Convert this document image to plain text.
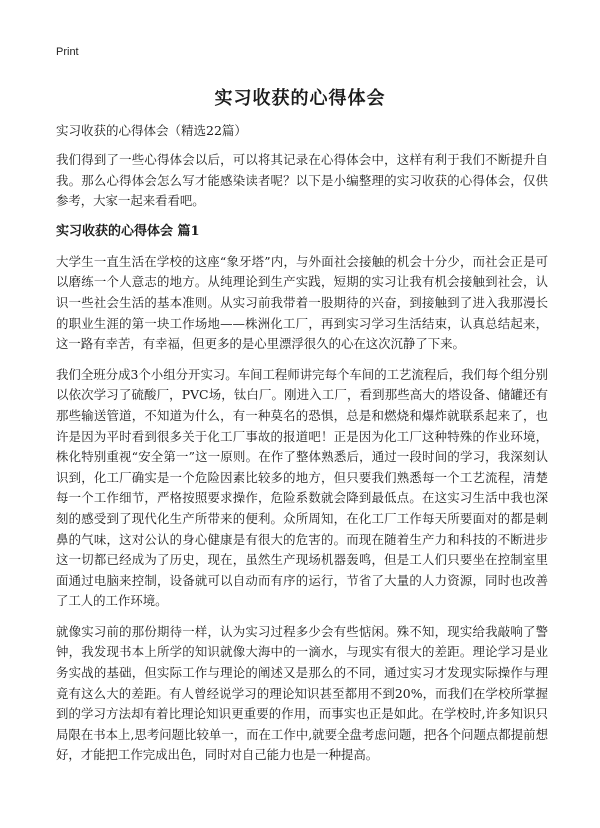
Print
实习收获的心得体会
实习收获的心得体会（精选22篇）

我们得到了一些心得体会以后，可以将其记录在心得体会中，这样有利于我们不断提升自我。那么心得体会怎么写才能感染读者呢？以下是小编整理的实习收获的心得体会，仅供参考，大家一起来看看吧。

实习收获的心得体会 篇1

大学生一直生活在学校的这座“象牙塔”内，与外面社会接触的机会十分少，而社会正是可以磨练一个人意志的地方。从纯理论到生产实践，短期的实习让我有机会接触到社会，认识一些社会生活的基本准则。从实习前我带着一股期待的兴奋，到接触到了进入我那漫长的职业生涯的第一块工作场地——株洲化工厂，再到实习学习生活结束，认真总结起来，这一路有幸苦，有幸福，但更多的是心里漂浮很久的心在这次沉静了下来。

我们全班分成3个小组分开实习。车间工程师讲完每个车间的工艺流程后，我们每个组分别以依次学习了硫酸厂，PVC场，钛白厂。刚进入工厂，看到那些高大的塔设备、储罐还有那些输送管道，不知道为什么，有一种莫名的恐惧，总是和燃烧和爆炸就联系起来了，也许是因为平时看到很多关于化工厂事故的报道吧！正是因为化工厂这种特殊的作业环境，株化特别重视“安全第一”这一原则。在作了整体熟悉后，通过一段时间的学习，我深刻认识到，化工厂确实是一个危险因素比较多的地方，但只要我们熟悉每一个工艺流程，清楚每一个工作细节，严格按照要求操作，危险系数就会降到最低点。在这实习生活中我也深刻的感受到了现代化生产所带来的便利。众所周知，在化工厂工作每天所要面对的都是刺鼻的气味，这对公认的身心健康是有很大的危害的。而现在随着生产力和科技的不断进步这一切都已经成为了历史，现在，虽然生产现场机器轰鸣，但是工人们只要坐在控制室里面通过电脑来控制，设备就可以自动而有序的运行，节省了大量的人力资源，同时也改善了工人的工作环境。

就像实习前的那份期待一样，认为实习过程多少会有些惦闲。殊不知，现实给我敲响了警钟，我发现书本上所学的知识就像大海中的一滴水，与现实有很大的差距。理论学习是业务实战的基础，但实际工作与理论的阐述又是那么的不同，通过实习才发现实际操作与理 竟有这么大的差距。有人曾经说学习的理论知识甚至都用不到20%，而我们在学校所掌握到的学习方法却有着比理论知识更重要的作用，而事实也正是如此。在学校时,许多知识只局限在书本上,思考问题比较单一，而在工作中,就要全盘考虑问题，把各个问题点都提前想好，才能把工作完成出色，同时对自己能力也是一种提高。
